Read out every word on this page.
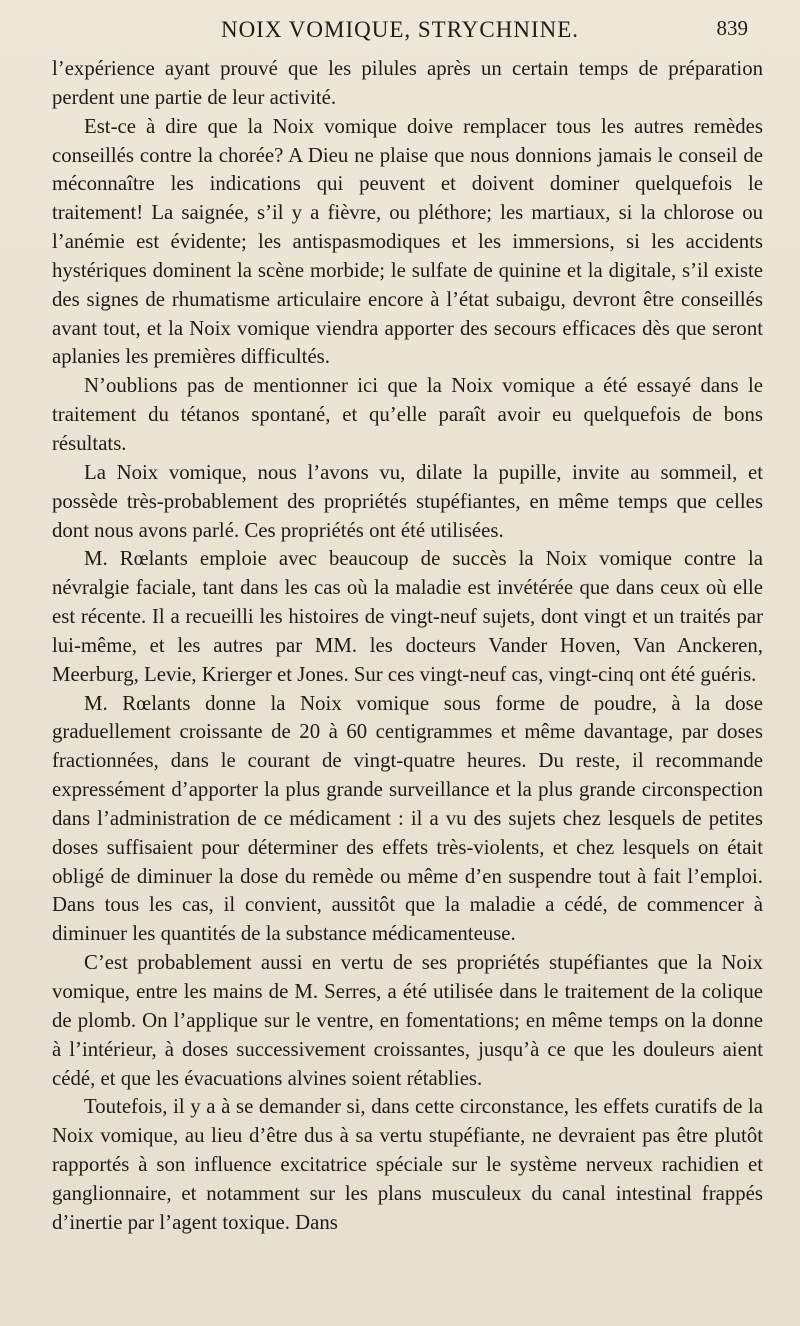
NOIX VOMIQUE, STRYCHNINE.	839

l’expérience ayant prouvé que les pilules après un certain temps de préparation perdent une partie de leur activité.

Est-ce à dire que la Noix vomique doive remplacer tous les autres remèdes conseillés contre la chorée? A Dieu ne plaise que nous donnions jamais le conseil de méconnaître les indications qui peuvent et doivent dominer quelquefois le traitement! La saignée, s’il y a fièvre, ou pléthore; les martiaux, si la chlorose ou l’anémie est évidente; les antispasmodiques et les immersions, si les accidents hystériques dominent la scène morbide; le sulfate de quinine et la digitale, s’il existe des signes de rhumatisme articulaire encore à l’état subaigu, devront être conseillés avant tout, et la Noix vomique viendra apporter des secours efficaces dès que seront aplanies les premières difficultés.

N’oublions pas de mentionner ici que la Noix vomique a été essayé dans le traitement du tétanos spontané, et qu’elle paraît avoir eu quelquefois de bons résultats.

La Noix vomique, nous l’avons vu, dilate la pupille, invite au sommeil, et possède très-probablement des propriétés stupéfiantes, en même temps que celles dont nous avons parlé. Ces propriétés ont été utilisées.

M. Rœlants emploie avec beaucoup de succès la Noix vomique contre la névralgie faciale, tant dans les cas où la maladie est invétérée que dans ceux où elle est récente. Il a recueilli les histoires de vingt-neuf sujets, dont vingt et un traités par lui-même, et les autres par MM. les docteurs Vander Hoven, Van Anckeren, Meerburg, Levie, Krierger et Jones. Sur ces vingt-neuf cas, vingt-cinq ont été guéris.

M. Rœlants donne la Noix vomique sous forme de poudre, à la dose graduellement croissante de 20 à 60 centigrammes et même davantage, par doses fractionnées, dans le courant de vingt-quatre heures. Du reste, il recommande expressément d’apporter la plus grande surveillance et la plus grande circonspection dans l’administration de ce médicament : il a vu des sujets chez lesquels de petites doses suffisaient pour déterminer des effets très-violents, et chez lesquels on était obligé de diminuer la dose du remède ou même d’en suspendre tout à fait l’emploi. Dans tous les cas, il convient, aussitôt que la maladie a cédé, de commencer à diminuer les quantités de la substance médicamenteuse.

C’est probablement aussi en vertu de ses propriétés stupéfiantes que la Noix vomique, entre les mains de M. Serres, a été utilisée dans le traitement de la colique de plomb. On l’applique sur le ventre, en fomentations; en même temps on la donne à l’intérieur, à doses successivement croissantes, jusqu’à ce que les douleurs aient cédé, et que les évacuations alvines soient rétablies.

Toutefois, il y a à se demander si, dans cette circonstance, les effets curatifs de la Noix vomique, au lieu d’être dus à sa vertu stupéfiante, ne devraient pas être plutôt rapportés à son influence excitatrice spéciale sur le système nerveux rachidien et ganglionnaire, et notamment sur les plans musculeux du canal intestinal frappés d’inertie par l’agent toxique. Dans
